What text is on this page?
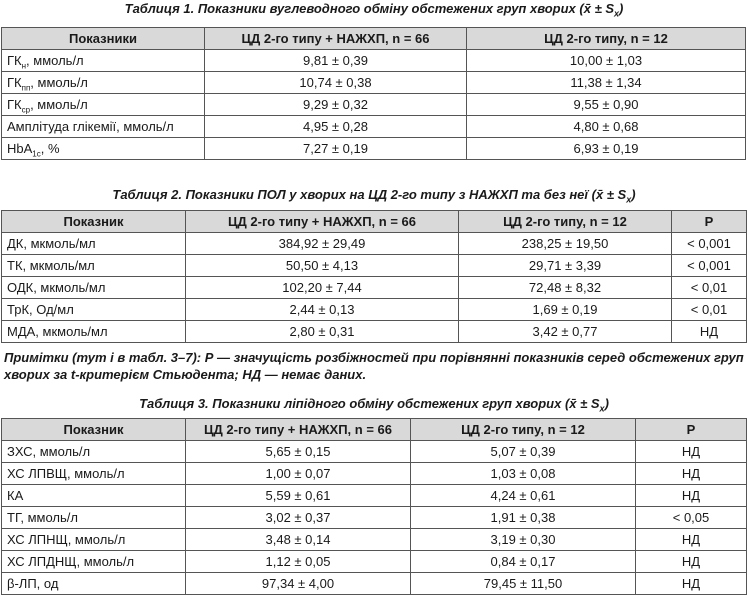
Таблиця 1. Показники вуглеводного обміну обстежених груп хворих (x̄ ± $S_x$)
Показники	ЦД 2-го типу + НАЖХП, n = 66	ЦД 2-го типу, n = 12
$ГК_н$, ммоль/л	9,81 ± 0,39	10,00 ± 1,03
$ГК_{пп}$, ммоль/л	10,74 ± 0,38	11,38 ± 1,34
$ГК_{ср}$, ммоль/л	9,29 ± 0,32	9,55 ± 0,90
Амплітуда глікемії, ммоль/л	4,95 ± 0,28	4,80 ± 0,68
HbA$_{1c}$, %	7,27 ± 0,19	6,93 ± 0,19
Таблиця 2. Показники ПОЛ у хворих на ЦД 2-го типу з НАЖХП та без неї (x̄ ± $S_x$)
Показник	ЦД 2-го типу + НАЖХП, n = 66	ЦД 2-го типу, n = 12	Р
ДК, мкмоль/мл	384,92 ± 29,49	238,25 ± 19,50	< 0,001
ТК, мкмоль/мл	50,50 ± 4,13	29,71 ± 3,39	< 0,001
ОДК, мкмоль/мл	102,20 ± 7,44	72,48 ± 8,32	< 0,01
ТрК, Од/мл	2,44 ± 0,13	1,69 ± 0,19	< 0,01
МДА, мкмоль/мл	2,80 ± 0,31	3,42 ± 0,77	НД
Примітки (тут і в табл. 3–7): Р — значущість розбіжностей при порівнянні показників серед обстежених груп хворих за t-критерієм Стьюдента; НД — немає даних.
Таблиця 3. Показники ліпідного обміну обстежених груп хворих (x̄ ± $S_x$)
Показник	ЦД 2-го типу + НАЖХП, n = 66	ЦД 2-го типу, n = 12	Р
ЗХС, ммоль/л	5,65 ± 0,15	5,07 ± 0,39	НД
ХС ЛПВЩ, ммоль/л	1,00 ± 0,07	1,03 ± 0,08	НД
КА	5,59 ± 0,61	4,24 ± 0,61	НД
ТГ, ммоль/л	3,02 ± 0,37	1,91 ± 0,38	< 0,05
ХС ЛПНЩ, ммоль/л	3,48 ± 0,14	3,19 ± 0,30	НД
ХС ЛПДНЩ, ммоль/л	1,12 ± 0,05	0,84 ± 0,17	НД
β-ЛП, од	97,34 ± 4,00	79,45 ± 11,50	НД
